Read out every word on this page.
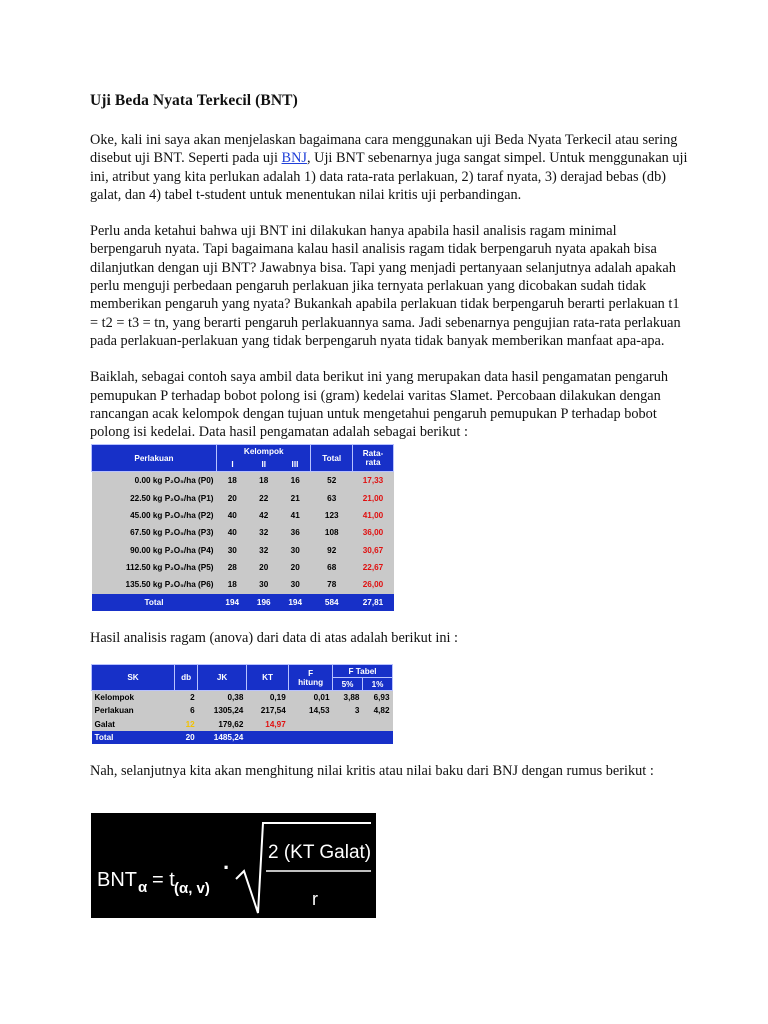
Uji Beda Nyata Terkecil (BNT)

Oke, kali ini saya akan menjelaskan bagaimana cara menggunakan uji Beda Nyata Terkecil atau sering disebut uji BNT. Seperti pada uji BNJ, Uji BNT sebenarnya juga sangat simpel. Untuk menggunakan uji ini, atribut yang kita perlukan adalah 1) data rata-rata perlakuan, 2) taraf nyata, 3) derajad bebas (db) galat, dan 4) tabel t-student untuk menentukan nilai kritis uji perbandingan.

Perlu anda ketahui bahwa uji BNT ini dilakukan hanya apabila hasil analisis ragam minimal berpengaruh nyata. Tapi bagaimana kalau hasil analisis ragam tidak berpengaruh nyata apakah bisa dilanjutkan dengan uji BNT? Jawabnya bisa. Tapi yang menjadi pertanyaan selanjutnya adalah apakah perlu menguji perbedaan pengaruh perlakuan jika ternyata perlakuan yang dicobakan sudah tidak memberikan pengaruh yang nyata? Bukankah apabila perlakuan tidak berpengaruh berarti perlakuan t1 = t2 = t3 = tn, yang berarti pengaruh perlakuannya sama. Jadi sebenarnya pengujian rata-rata perlakuan pada perlakuan-perlakuan yang tidak berpengaruh nyata tidak banyak memberikan manfaat apa-apa.

Baiklah, sebagai contoh saya ambil data berikut ini yang merupakan data hasil pengamatan pengaruh pemupukan P terhadap bobot polong isi (gram) kedelai varitas Slamet. Percobaan dilakukan dengan rancangan acak kelompok dengan tujuan untuk mengetahui pengaruh pemupukan P terhadap bobot polong isi kedelai. Data hasil pengamatan adalah sebagai berikut :

Perlakuan	Kelompok			Total	Rata-rata
	I	II	III		
0.00 kg P₂O₅/ha (P0)	18	18	16	52	17,33
22.50 kg P₂O₅/ha (P1)	20	22	21	63	21,00
45.00 kg P₂O₅/ha (P2)	40	42	41	123	41,00
67.50 kg P₂O₅/ha (P3)	40	32	36	108	36,00
90.00 kg P₂O₅/ha (P4)	30	32	30	92	30,67
112.50 kg P₂O₅/ha (P5)	28	20	20	68	22,67
135.50 kg P₂O₅/ha (P6)	18	30	30	78	26,00
Total	194	196	194	584	27,81

Hasil analisis ragam (anova) dari data di atas adalah berikut ini :

SK	db	JK	KT	F
hitung	F Tabel	
					5%	1%
Kelompok	2	0,38	0,19	0,01	3,88	6,93
Perlakuan	6	1305,24	217,54	14,53	3	4,82
Galat	12	179,62	14,97			
Total	20	1485,24				

Nah, selanjutnya kita akan menghitung nilai kritis atau nilai baku dari BNJ dengan rumus berikut :

BNT α = t (α, v)
·
2 (KT Galat)
r
